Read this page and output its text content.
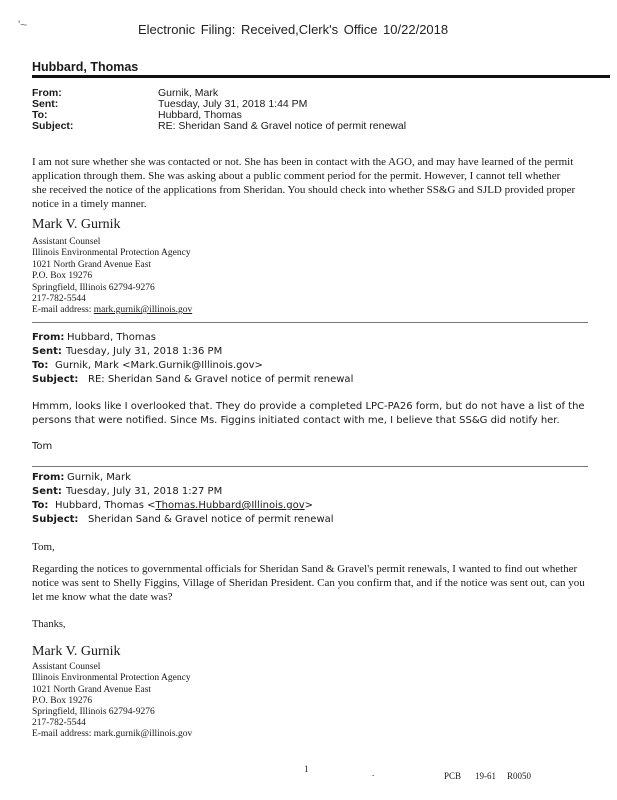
'~	Electronic Filing: Received,Clerk's Office 10/22/2018
Hubbard, Thomas
From:	Gurnik, Mark
Sent:	Tuesday, July 31, 2018 1:44 PM
To:	Hubbard, Thomas
Subject:	RE: Sheridan Sand & Gravel notice of permit renewal
I am not sure whether she was contacted or not. She has been in contact with the AGO, and may have learned of the permit application through them. She was asking about a public comment period for the permit. However, I cannot tell whether she received the notice of the applications from Sheridan. You should check into whether SS&G and SJLD provided proper notice in a timely manner.
Mark V. Gurnik
Assistant Counsel
Illinois Environmental Protection Agency
1021 North Grand Avenue East
P.O. Box 19276
Springfield, Illinois 62794-9276
217-782-5544
E-mail address: mark.gurnik@illinois.gov
From: Hubbard, Thomas
Sent: Tuesday, July 31, 2018 1:36 PM
To: Gurnik, Mark <Mark.Gurnik@Illinois.gov>
Subject: RE: Sheridan Sand & Gravel notice of permit renewal
Hmmm, looks like I overlooked that. They do provide a completed LPC-PA26 form, but do not have a list of the persons that were notified. Since Ms. Figgins initiated contact with me, I believe that SS&G did notify her.
Tom
From: Gurnik, Mark
Sent: Tuesday, July 31, 2018 1:27 PM
To: Hubbard, Thomas <Thomas.Hubbard@Illinois.gov>
Subject: Sheridan Sand & Gravel notice of permit renewal
Tom,
Regarding the notices to governmental officials for Sheridan Sand & Gravel's permit renewals, I wanted to find out whether notice was sent to Shelly Figgins, Village of Sheridan President. Can you confirm that, and if the notice was sent out, can you let me know what the date was?
Thanks,
Mark V. Gurnik
Assistant Counsel
Illinois Environmental Protection Agency
1021 North Grand Avenue East
P.O. Box 19276
Springfield, Illinois 62794-9276
217-782-5544
E-mail address: mark.gurnik@illinois.gov
1	.	PCB 19-61 R0050
